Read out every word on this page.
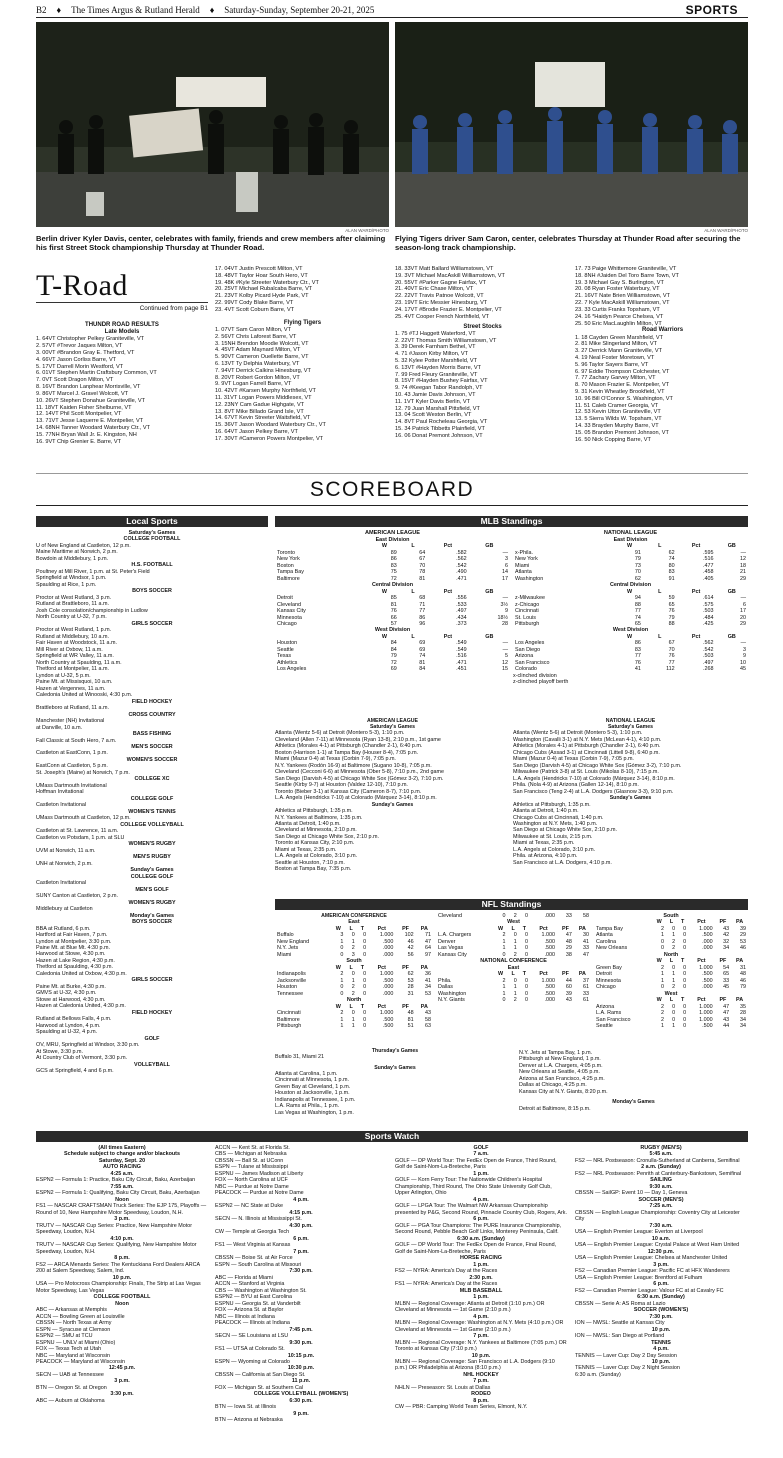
B2 ♦ The Times Argus & Rutland Herald ♦ Saturday-Sunday, September 20-21, 2025	SPORTS
ALAN WARD/PHOTO
Berlin driver Kyler Davis, center, celebrates with family, friends and crew members after claiming his first Street Stock championship Thursday at Thunder Road.
ALAN WARD/PHOTO
Flying Tigers driver Sam Caron, center, celebrates Thursday at Thunder Road after securing the season-long track championship.
T-Road
Continued from page B1
THUNDR ROAD RESULTS
Late Models
1. 64VT Christopher Pelkey Graniteville, VT
2. 57VT #Trevor Jaques Milton, VT
3. 00VT #Brandon Gray E. Thetford, VT
4. 66VT Jason Corliss Barre, VT
5. 17VT Darrell Morin Westford, VT
6. 01VT Stephen Martin Craftsbury Common, VT
7. 0VT Scott Dragon Milton, VT
8. 16VT Brandon Lanphear Morrisville, VT
9. 86VT Marcel J. Gravel Wolcott, VT
10. 26VT Stephen Donahue Graniteville, VT
11. 18VT Kaiden Fisher Shelburne, VT
12. 14VT Phil Scott Montpelier, VT
13. 71VT Jesse Laquerre E. Montpelier, VT
14. 68NH Tanner Woodard Waterbury Ctr., VT
15. 77NH Bryan Wall Jr. E. Kingston, NH
16. 9VT Chip Grenier E. Barre, VT
17. 04VT Justin Prescott Milton, VT
18. 48VT Taylor Hoar South Hero, VT
19. 48K #Kyle Streeter Waterbury Ctr., VT
20. 25VT Michael Rubalcaba Barre, VT
21. 23VT Kolby Picard Hyde Park, VT
22. 99VT Cody Blake Barre, VT
23. 4VT Scott Coburn Barre, VT
Flying Tigers
1. 07VT Sam Caron Milton, VT
2. 56VT Chris Laforest Barre, VT
3. 15NH Brendon Moodie Wolcott, VT
4. 45VT Adam Maynard Milton, VT
5. 90VT Cameron Ouellette Barre, VT
6. 13VT Ty Delphia Waterbury, VT
7. 94VT Derrick Calkins Hinesburg, VT
8. 20VT Robert Gordon Milton, VT
9. 9VT Logan Farrell Barre, VT
10. 42VT #Karsen Murphy Northfield, VT
11. 31VT Logan Powers Middlesex, VT
12. 23NY Cam Gadue Highgate, VT
13. 8VT Mike Billado Grand Isle, VT
14. 67VT Kevin Streeter Waitsfield, VT
15. 36VT Jason Woodard Waterbury Ctr., VT
16. 64VT Jason Pelkey Barre, VT
17. 30VT #Cameron Powers Montpelier, VT
18. 33VT Matt Ballard Williamstown, VT
19. 3VT Michael MacAskill Williamstown, VT
20. 55VT #Parker Gagne Fairfax, VT
21. 40VT Eric Chase Milton, VT
22. 22VT Travis Patnoe Wolcott, VT
23. 19VT Eric Messier Hinesburg, VT
24. 17VT #Brodie Frazier E. Montpelier, VT
25. 4VT Cooper French Northfield, VT
Street Stocks
1. 75 #TJ Haggett Waterford, VT
2. 22VT Thomas Smith Williamstown, VT
3. 39 Derek Farnham Bethel, VT
4. 71 #Jason Kirby Milton, VT
5. 32 Kylee Potter Marshfield, VT
6. 13VT #Hayden Morris Barre, VT
7. 99 Fred Fleury Graniteville, VT
8. 15VT #Hayden Bushey Fairfax, VT
9. 74 #Keegan Tabor Randolph, VT
10. 43 Jamie Davis Johnson, VT
11. 1VT Kyler Davis Berlin, VT
12. 79 Juan Marshall Pittsfield, VT
13. 04 Scott Weston Berlin, VT
14. 8VT Paul Rocheleau Georgia, VT
15. 34 Patrick Tibbetts Plainfield, VT
16. 06 Donat Premont Johnson, VT
17. 73 Paige Whittemore Graniteville, VT
18. 8NH #Jaiden Del Toro Barre Town, VT
19. 3 Michael Gay S. Burlington, VT
20. 08 Ryan Foster Waterbury, VT
21. 16VT Nate Brien Williamstown, VT
22. 7 Kyle MacAskill Williamstown, VT
23. 33 Curtis Franks Topsham, VT
24. 16 *Haidyn Pearce Chelsea, VT
25. 50 Eric MacLaughlin Milton, VT
Road Warriors
1. 18 Cayden Green Marshfield, VT
2. 81 Mike Slingerland Milton, VT
3. 27 Derrick Mann Graniteville, VT
4. 19 Neal Foster Moretown, VT
5. 96 Taylor Sayers Barre, VT
6. 97 Eddie Thompson Colchester, VT
7. 77 Zachary Garvey Milton, VT
8. 70 Mason Frazier E. Montpelier, VT
9. 31 Kevin Wheatley Brookfield, VT
10. 96 Bill O'Connor S. Washington, VT
11. 51 Caleb Cramer Georgia, VT
12. 53 Kevin Utton Graniteville, VT
13. 5 Sierra Wilds W. Topsham, VT
14. 33 Brayden Murphy Barre, VT
15. 05 Brandon Premont Johnson, VT
16. 50 Nick Copping Barre, VT
SCOREBOARD
Local Sports
Saturday's Games
COLLEGE FOOTBALL
U of New England at Castleton, 12 p.m.
Maine Maritime at Norwich, 2 p.m.
Bowdoin at Middlebury, 1 p.m.
H.S. FOOTBALL
Poultney at Mill River, 1 p.m. at St. Peter's Field
Springfield at Windsor, 1 p.m.
Spaulding at Rice, 1 p.m.
BOYS SOCCER
Proctor at West Rutland, 3 p.m.
Rutland at Brattleboro, 11 a.m.
Josh Cole consolation/championship in Ludlow
North Country at U-32, 7 p.m.
GIRLS SOCCER
Proctor at West Rutland, 1 p.m.
Rutland at Middlebury, 10 a.m.
Fair Haven at Woodstock, 11 a.m.
Mill River at Oxbow, 11 a.m.
Springfield at WR Valley, 11 a.m.
North Country at Spaulding, 11 a.m.
Thetford at Montpelier, 11 a.m.
Lyndon at U-32, 5 p.m.
Paine Mt. at Missisquoi, 10 a.m.
Hazen at Vergennes, 11 a.m.
Caledonia United at Winooski, 4:30 p.m.
FIELD HOCKEY
Brattleboro at Rutland, 11 a.m.
CROSS COUNTRY
Manchester (NH) Invitational
at Danville, 10 a.m.
BASS FISHING
Fall Classic at South Hero, 7 a.m.
MEN'S SOCCER
Castleton at EastConn, 1 p.m.
WOMEN'S SOCCER
EastConn at Castleton, 5 p.m.
St. Joseph's (Maine) at Norwich, 7 p.m.
COLLEGE XC
UMass Dartmouth Invitational
Hoffman Invitational
COLLEGE GOLF
Castleton Invitational
WOMEN'S TENNIS
UMass Dartmouth at Castleton, 12 p.m.
COLLEGE VOLLEYBALL
Castleton at St. Lawrence, 11 a.m.
Castleton vs Potsdam, 1 p.m. at SLU
WOMEN'S RUGBY
UVM at Norwich, 11 a.m.
MEN'S RUGBY
UNH at Norwich, 2 p.m.
Sunday's Games
COLLEGE GOLF
Castleton Invitational
MEN'S GOLF
SUNY Canton at Castleton, 2 p.m.
WOMEN'S RUGBY
Middlebury at Castleton
Monday's Games
BOYS SOCCER
BBA at Rutland, 6 p.m.
Hartford at Fair Haven, 7 p.m.
Lyndon at Montpelier, 3:30 p.m.
Paine Mt. at Blue Mt. 4:30 p.m.
Harwood at Stowe, 4:30 p.m.
Hazen at Lake Region, 4:30 p.m.
Thetford at Spaulding, 4:30 p.m.
Caledonia United at Oxbow, 4:30 p.m.
GIRLS SOCCER
Paine Mt. at Burke, 4:30 p.m.
GMVS at U-32, 4:30 p.m.
Stowe at Harwood, 4:30 p.m.
Hazen at Caledonia United, 4:30 p.m.
FIELD HOCKEY
Rutland at Bellows Falls, 4 p.m.
Harwood at Lyndon, 4 p.m.
Spaulding at U-32, 4 p.m.
GOLF
OV, MRU, Springfield at Windsor, 3:30 p.m.
At Stowe, 3:30 p.m.
At Country Club of Vermont, 3:30 p.m.
VOLLEYBALL
GCS at Springfield, 4 and 6 p.m.
MLB Standings
AMERICAN LEAGUE
East Division				
	W	L	Pct	GB
Toronto	89	64	.582	—
New York	86	67	.562	3
Boston	83	70	.542	6
Tampa Bay	75	78	.490	14
Baltimore	72	81	.471	17
Central Division				
	W	L	Pct	GB
Detroit	85	68	.556	—
Cleveland	81	71	.533	3½
Kansas City	76	77	.497	9
Minnesota	66	86	.434	18½
Chicago	57	96	.373	28
West Division				
	W	L	Pct	GB
Houston	84	69	.549	—
Seattle	84	69	.549	—
Texas	79	74	.516	5
Athletics	72	81	.471	12
Los Angeles	69	84	.451	15
NATIONAL LEAGUE
East Division				
	W	L	Pct	GB
x-Phila.	91	62	.595	—
New York	79	74	.516	12
Miami	73	80	.477	18
Atlanta	70	83	.458	21
Washington	62	91	.405	29
Central Division				
	W	L	Pct	GB
z-Milwaukee	94	59	.614	—
z-Chicago	88	65	.575	6
Cincinnati	77	76	.503	17
St. Louis	74	79	.484	20
Pittsburgh	65	88	.425	29
West Division				
	W	L	Pct	GB
Los Angeles	86	67	.562	—
San Diego	83	70	.542	3
Arizona	77	76	.503	9
San Francisco	76	77	.497	10
Colorado	41	112	.268	45
x-clinched division
z-clinched playoff berth
AMERICAN LEAGUE
Saturday's Games
Atlanta (Wentz 5-6) at Detroit (Montero 5-3), 1:10 p.m.
Cleveland (Allen 7-11) at Minnesota (Ryan 13-8), 2:10 p.m., 1st game
Athletics (Morales 4-1) at Pittsburgh (Chandler 2-1), 6:40 p.m.
Boston (Harrison 1-1) at Tampa Bay (Houser 8-4), 7:05 p.m.
Miami (Mazur 0-4) at Texas (Corbin 7-9), 7:05 p.m.
N.Y. Yankees (Rodón 16-9) at Baltimore (Sugano 10-8), 7:05 p.m.
Cleveland (Cecconi 6-6) at Minnesota (Ober 5-8), 7:10 p.m., 2nd game
San Diego (Darvish 4-5) at Chicago White Sox (Gómez 3-2), 7:10 p.m.
Seattle (Kirby 9-7) at Houston (Valdez 12-10), 7:10 p.m.
Toronto (Bieber 3-1) at Kansas City (Cameron 8-7), 7:10 p.m.
L.A. Angels (Hendricks 7-10) at Colorado (Márquez 3-14), 8:10 p.m.
Sunday's Games
Athletics at Pittsburgh, 1:35 p.m.
N.Y. Yankees at Baltimore, 1:35 p.m.
Atlanta at Detroit, 1:40 p.m.
Cleveland at Minnesota, 2:10 p.m.
San Diego at Chicago White Sox, 2:10 p.m.
Toronto at Kansas City, 2:10 p.m.
Miami at Texas, 2:35 p.m.
L.A. Angels at Colorado, 3:10 p.m.
Seattle at Houston, 7:10 p.m.
Boston at Tampa Bay, 7:35 p.m.
NATIONAL LEAGUE
Saturday's Games
Atlanta (Wentz 5-6) at Detroit (Montero 5-3), 1:10 p.m.
Washington (Cavalli 3-1) at N.Y. Mets (McLean 4-1), 4:10 p.m.
Athletics (Morales 4-1) at Pittsburgh (Chandler 2-1), 6:40 p.m.
Chicago Cubs (Assad 3-1) at Cincinnati (Littell 9-8), 6:40 p.m.
Miami (Mazur 0-4) at Texas (Corbin 7-9), 7:05 p.m.
San Diego (Darvish 4-5) at Chicago White Sox (Gómez 3-2), 7:10 p.m.
Milwaukee (Patrick 3-8) at St. Louis (Mikolas 8-10), 7:15 p.m.
L.A. Angels (Hendricks 7-10) at Colorado (Márquez 3-14), 8:10 p.m.
Phila. (Nola 4-9) at Arizona (Gallen 12-14), 8:10 p.m.
San Francisco (Teng 2-4) at L.A. Dodgers (Glasnow 3-3), 9:10 p.m.
Sunday's Games
Athletics at Pittsburgh, 1:35 p.m.
Atlanta at Detroit, 1:40 p.m.
Chicago Cubs at Cincinnati, 1:40 p.m.
Washington at N.Y. Mets, 1:40 p.m.
San Diego at Chicago White Sox, 2:10 p.m.
Milwaukee at St. Louis, 2:15 p.m.
Miami at Texas, 2:35 p.m.
L.A. Angels at Colorado, 3:10 p.m.
Phila. at Arizona, 4:10 p.m.
San Francisco at L.A. Dodgers, 4:10 p.m.
NFL Standings
AMERICAN CONFERENCE
East						
	W	L	T	Pct	PF	PA
Buffalo	3	0	0	1.000	102	71
New England	1	1	0	.500	46	47
N.Y. Jets	0	2	0	.000	42	64
Miami	0	3	0	.000	56	97
South						
	W	L	T	Pct	PF	PA
Indianapolis	2	0	0	1.000	62	36
Jacksonville	1	1	0	.500	53	41
Houston	0	2	0	.000	28	34
Tennessee	0	2	0	.000	31	53
North						
	W	L	T	Pct	PF	PA
Cincinnati	2	0	0	1.000	48	43
Baltimore	1	1	0	.500	81	58
Pittsburgh	1	1	0	.500	51	63
Cleveland	0	2	0	.000	33	58
West						
	W	L	T	Pct	PF	PA
L.A. Chargers	2	0	0	1.000	47	30
Denver	1	1	0	.500	48	41
Las Vegas	1	1	0	.500	29	33
Kansas City	0	2	0	.000	38	47
NATIONAL CONFERENCE						
East						
	W	L	T	Pct	PF	PA
Phila.	2	0	0	1.000	44	37
Dallas	1	1	0	.500	60	61
Washington	1	1	0	.500	39	33
N.Y. Giants	0	2	0	.000	43	61
South						
	W	L	T	Pct	PF	PA
Tampa Bay	2	0	0	1.000	43	39
Atlanta	1	1	0	.500	42	29
Carolina	0	2	0	.000	32	53
New Orleans	0	2	0	.000	34	46
North						
	W	L	T	Pct	PF	PA
Green Bay	2	0	0	1.000	54	31
Detroit	1	1	0	.500	65	48
Minnesota	1	1	0	.500	33	46
Chicago	0	2	0	.000	45	79
West						
	W	L	T	Pct	PF	PA
Arizona	2	0	0	1.000	47	35
L.A. Rams	2	0	0	1.000	47	28
San Francisco	2	0	0	1.000	43	34
Seattle	1	1	0	.500	44	34
Thursday's Games
Buffalo 31, Miami 21
Sunday's Games
Atlanta at Carolina, 1 p.m.
Cincinnati at Minnesota, 1 p.m.
Green Bay at Cleveland, 1 p.m.
Houston at Jacksonville, 1 p.m.
Indianapolis at Tennessee, 1 p.m.
L.A. Rams at Phila., 1 p.m.
Las Vegas at Washington, 1 p.m.
N.Y. Jets at Tampa Bay, 1 p.m.
Pittsburgh at New England, 1 p.m.
Denver at L.A. Chargers, 4:05 p.m.
New Orleans at Seattle, 4:05 p.m.
Arizona at San Francisco, 4:25 p.m.
Dallas at Chicago, 4:25 p.m.
Kansas City at N.Y. Giants, 8:20 p.m.
Monday's Games
Detroit at Baltimore, 8:15 p.m.
Sports Watch
(All times Eastern)
Schedule subject to change and/or blackouts
Saturday, Sept. 20
AUTO RACING
4:25 a.m.
ESPN2 — Formula 1: Practice, Baku City Circuit, Baku, Azerbaijan
7:55 a.m.
ESPN2 — Formula 1: Qualifying, Baku City Circuit, Baku, Azerbaijan
Noon
FS1 — NASCAR CRAFTSMAN Truck Series: The EJP 175, Playoffs — Round of 10, New Hampshire Motor Speedway, Loudon, N.H.
3 p.m.
TRUTV — NASCAR Cup Series: Practice, New Hampshire Motor Speedway, Loudon, N.H.
4:10 p.m.
TRUTV — NASCAR Cup Series: Qualifying, New Hampshire Motor Speedway, Loudon, N.H.
8 p.m.
FS2 — ARCA Menards Series: The Kentuckiana Ford Dealers ARCA 200 at Salem Speedway, Salem, Ind.
10 p.m.
USA — Pro Motocross Championship: Finals, The Strip at Las Vegas Motor Speedway, Las Vegas
COLLEGE FOOTBALL
Noon
ABC — Arkansas at Memphis
ACCN — Bowling Green at Louisville
CBSSN — North Texas at Army
ESPN — Syracuse at Clemson
ESPN2 — SMU at TCU
ESPNU — UNLV at Miami (Ohio)
FOX — Texas Tech at Utah
NBC — Maryland at Wisconsin
PEACOCK — Maryland at Wisconsin
12:45 p.m.
SECN — UAB at Tennessee
3 p.m.
BTN — Oregon St. at Oregon
3:30 p.m.
ABC — Auburn at Oklahoma
ACCN — Kent St. at Florida St.
CBS — Michigan at Nebraska
CBSSN — Ball St. at UConn
ESPN — Tulane at Mississippi
ESPNU — James Madison at Liberty
FOX — North Carolina at UCF
NBC — Purdue at Notre Dame
PEACOCK — Purdue at Notre Dame
4 p.m.
ESPN2 — NC State at Duke
4:15 p.m.
SECN — N. Illinois at Mississippi St.
4:30 p.m.
CW — Temple at Georgia Tech
6 p.m.
FS1 — West Virginia at Kansas
7 p.m.
CBSSN — Boise St. at Air Force
ESPN — South Carolina at Missouri
7:30 p.m.
ABC — Florida at Miami
ACCN — Stanford at Virginia
CBS — Washington at Washington St.
ESPN2 — BYU at East Carolina
ESPNU — Georgia St. at Vanderbilt
FOX — Arizona St. at Baylor
NBC — Illinois at Indiana
PEACOCK — Illinois at Indiana
7:45 p.m.
SECN — SE Louisiana at LSU
9:30 p.m.
FS1 — UTSA at Colorado St.
10:15 p.m.
ESPN — Wyoming at Colorado
10:30 p.m.
CBSSN — California at San Diego St.
11 p.m.
FOX — Michigan St. at Southern Cal
COLLEGE VOLLEYBALL (WOMEN'S)
6:30 p.m.
BTN — Iowa St. at Illinois
9 p.m.
BTN — Arizona at Nebraska
GOLF
7 a.m.
GOLF — DP World Tour: The FedEx Open de France, Third Round, Golf de Saint-Nom-La-Breteche, Paris
1 p.m.
GOLF — Korn Ferry Tour: The Nationwide Children's Hospital Championship, Third Round, The Ohio State University Golf Club, Upper Arlington, Ohio
4 p.m.
GOLF — LPGA Tour: The Walmart NW Arkansas Championship presented by P&G, Second Round, Pinnacle Country Club, Rogers, Ark.
6 p.m.
GOLF — PGA Tour Champions: The PURE Insurance Championship, Second Round, Pebble Beach Golf Links, Monterey Peninsula, Calif.
6:30 a.m. (Sunday)
GOLF — DP World Tour: The FedEx Open de France, Final Round, Golf de Saint-Nom-La-Breteche, Paris
HORSE RACING
1 p.m.
FS2 — NYRA: America's Day at the Races
2:30 p.m.
FS1 — NYRA: America's Day at the Races
MLB BASEBALL
1 p.m.
MLBN — Regional Coverage: Atlanta at Detroit (1:10 p.m.) OR Cleveland at Minnesota — 1st Game (2:10 p.m.)
4 p.m.
MLBN — Regional Coverage: Washington at N.Y. Mets (4:10 p.m.) OR Cleveland at Minnesota — 1st Game (2:10 p.m.)
7 p.m.
MLBN — Regional Coverage: N.Y. Yankees at Baltimore (7:05 p.m.) OR Toronto at Kansas City (7:10 p.m.)
10 p.m.
MLBN — Regional Coverage: San Francisco at L.A. Dodgers (9:10 p.m.) OR Philadelphia at Arizona (8:10 p.m.)
NHL HOCKEY
7 p.m.
NHLN — Preseason: St. Louis at Dallas
RODEO
8 p.m.
CW — PBR: Camping World Team Series, Elmont, N.Y.
RUGBY (MEN'S)
5:45 a.m.
FS2 — NRL Postseason: Cronulla-Sutherland at Canberra, Semifinal
2 a.m. (Sunday)
FS2 — NRL Postseason: Penrith at Canterbury-Bankstown, Semifinal
SAILING
9:30 a.m.
CBSSN — SailGP: Event 10 — Day 1, Geneva
SOCCER (MEN'S)
7:25 a.m.
CBSSN — English League Championship: Coventry City at Leicester City
7:30 a.m.
USA — English Premier League: Everton at Liverpool
10 a.m.
USA — English Premier League: Crystal Palace at West Ham United
12:30 p.m.
USA — English Premier League: Chelsea at Manchester United
3 p.m.
FS2 — Canadian Premier League: Pacific FC at HFX Wanderers
USA — English Premier League: Brentford at Fulham
6 p.m.
FS2 — Canadian Premier League: Valour FC at at Cavalry FC
6:30 a.m. (Sunday)
CBSSN — Serie A: AS Roma at Lazio
SOCCER (WOMEN'S)
7:30 p.m.
ION — NWSL: Seattle at Kansas City
10 p.m.
ION — NWSL: San Diego at Portland
TENNIS
4 p.m.
TENNIS — Laver Cup: Day 2 Day Session
10 p.m.
TENNIS — Laver Cup: Day 2 Night Session
6:30 a.m. (Sunday)
